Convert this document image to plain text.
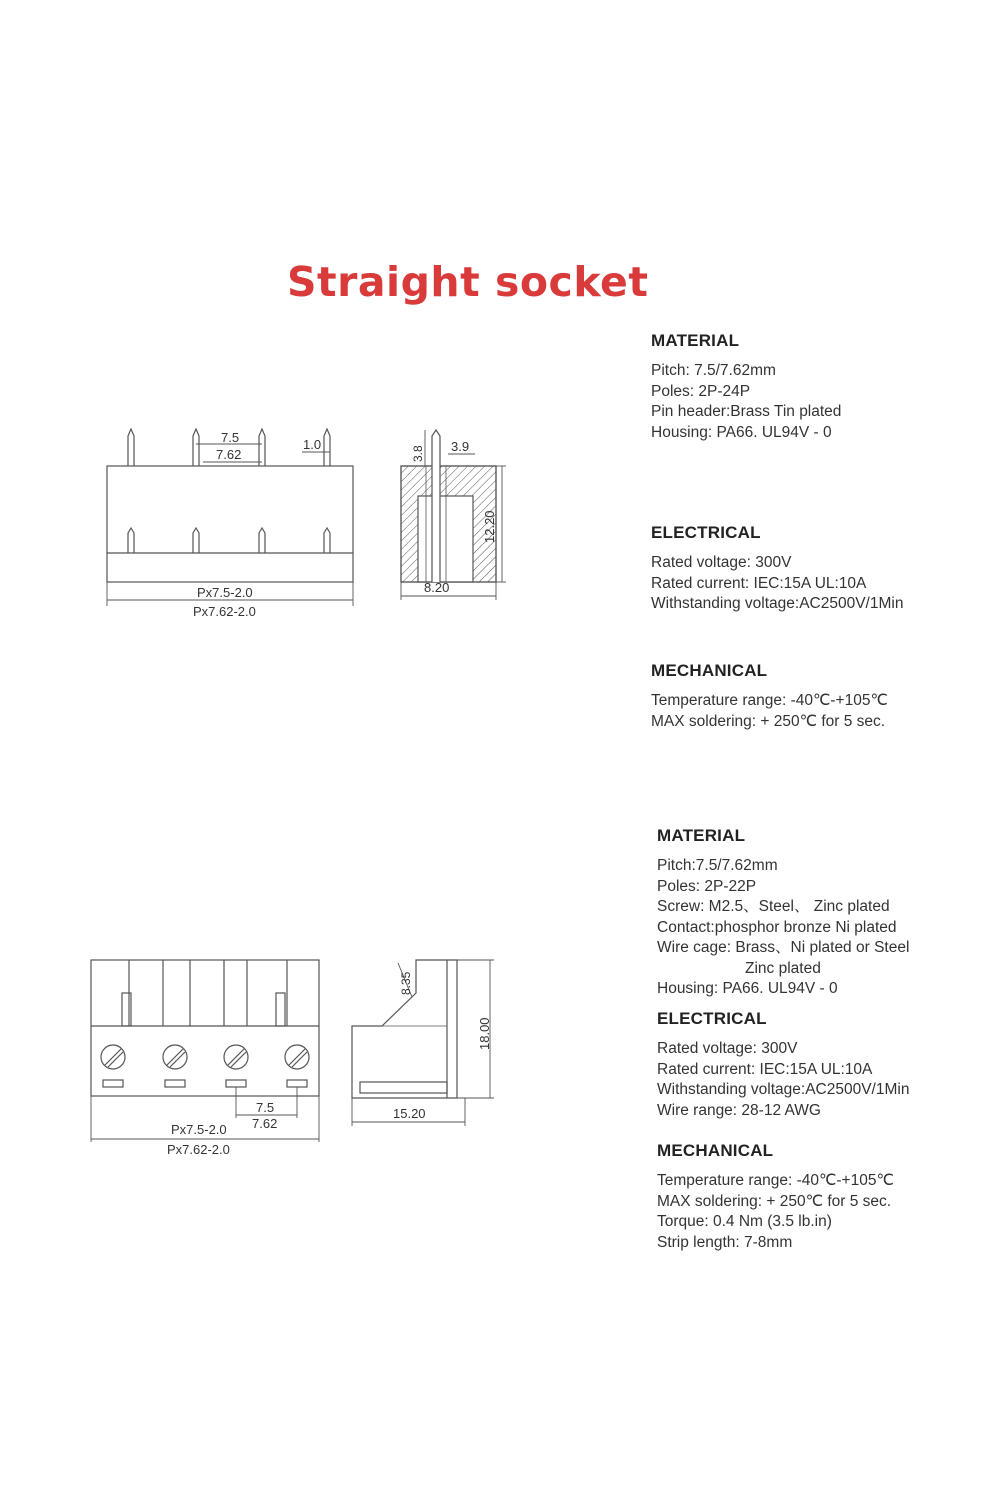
Straight socket
MATERIAL
Pitch: 7.5/7.62mm
Poles: 2P-24P
Pin header:Brass Tin plated
Housing: PA66. UL94V - 0
ELECTRICAL
Rated voltage: 300V
Rated current: IEC:15A UL:10A
Withstanding voltage:AC2500V/1Min
MECHANICAL
Temperature range: -40℃-+105℃
MAX soldering: + 250℃ for 5 sec.
MATERIAL
Pitch:7.5/7.62mm
Poles: 2P-22P
Screw: M2.5、Steel、 Zinc plated
Contact:phosphor bronze Ni plated
Wire cage: Brass、Ni plated or Steel
Zinc plated
Housing: PA66. UL94V - 0
ELECTRICAL
Rated voltage: 300V
Rated current: IEC:15A UL:10A
Withstanding voltage:AC2500V/1Min
Wire range: 28-12 AWG
MECHANICAL
Temperature range: -40℃-+105℃
MAX soldering: + 250℃ for 5 sec.
Torque: 0.4 Nm (3.5 lb.in)
Strip length: 7-8mm
7.5
7.62
1.0
Px7.5-2.0
Px7.62-2.0
3.8 3.9
12.20
8.20
7.5
7.62
Px7.5-2.0
Px7.62-2.0
8.35
18.00
15.20
